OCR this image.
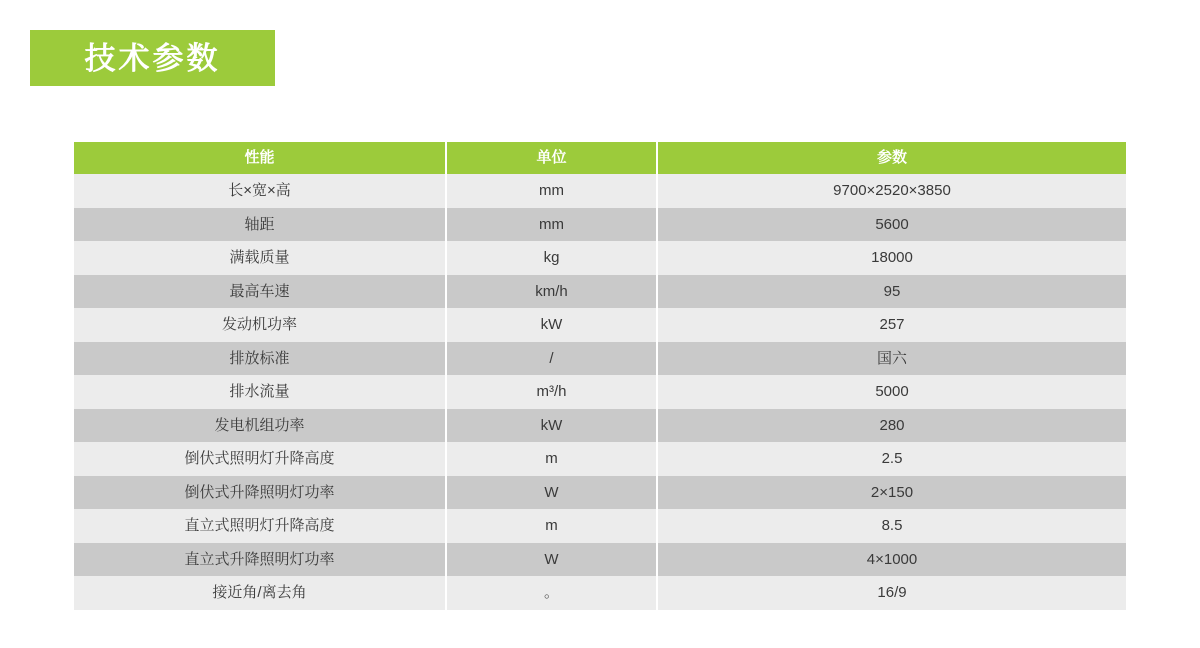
技术参数
性能	单位	参数
长×宽×高	mm	9700×2520×3850
轴距	mm	5600
满载质量	kg	18000
最高车速	km/h	95
发动机功率	kW	257
排放标准	/	国六
排水流量	m³/h	5000
发电机组功率	kW	280
倒伏式照明灯升降高度	m	2.5
倒伏式升降照明灯功率	W	2×150
直立式照明灯升降高度	m	8.5
直立式升降照明灯功率	W	4×1000
接近角/离去角	。	16/9
